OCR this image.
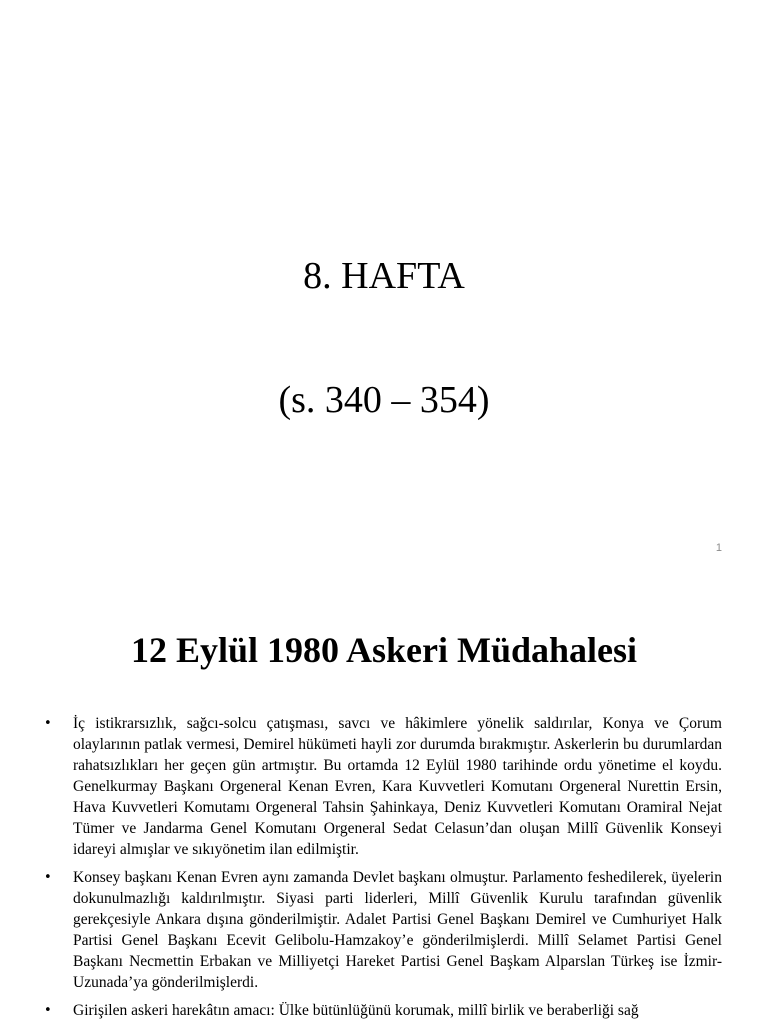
8. HAFTA
(s. 340 – 354)
1
12 Eylül 1980 Askeri Müdahalesi
• İç istikrarsızlık, sağcı-solcu çatışması, savcı ve hâkimlere yönelik saldırılar, Konya ve Çorum olaylarının patlak vermesi, Demirel hükümeti hayli zor durumda bırakmıştır. Askerlerin bu durumlardan rahatsızlıkları her geçen gün artmıştır. Bu ortamda 12 Eylül 1980 tarihinde ordu yönetime el koydu. Genelkurmay Başkanı Orgeneral Kenan Evren, Kara Kuvvetleri Komutanı Orgeneral Nurettin Ersin, Hava Kuvvetleri Komutamı Orgeneral Tahsin Şahinkaya, Deniz Kuvvetleri Komutanı Oramiral Nejat Tümer ve Jandarma Genel Komutanı Orgeneral Sedat Celasun’dan oluşan Millî Güvenlik Konseyi idareyi almışlar ve sıkıyönetim ilan edilmiştir.
• Konsey başkanı Kenan Evren aynı zamanda Devlet başkanı olmuştur. Parlamento feshedilerek, üyelerin dokunulmazlığı kaldırılmıştır. Siyasi parti liderleri, Millî Güvenlik Kurulu tarafından güvenlik gerekçesiyle Ankara dışına gönderilmiştir. Adalet Partisi Genel Başkanı Demirel ve Cumhuriyet Halk Partisi Genel Başkanı Ecevit Gelibolu-Hamzakoy’e gönderilmişlerdi. Millî Selamet Partisi Genel Başkanı Necmettin Erbakan ve Milliyetçi Hareket Partisi Genel Başkam Alparslan Türkeş ise İzmir-Uzunada’ya gönderilmişlerdi.
• Girişilen askeri harekâtın amacı: Ülke bütünlüğünü korumak, millî birlik ve beraberliği sağ
